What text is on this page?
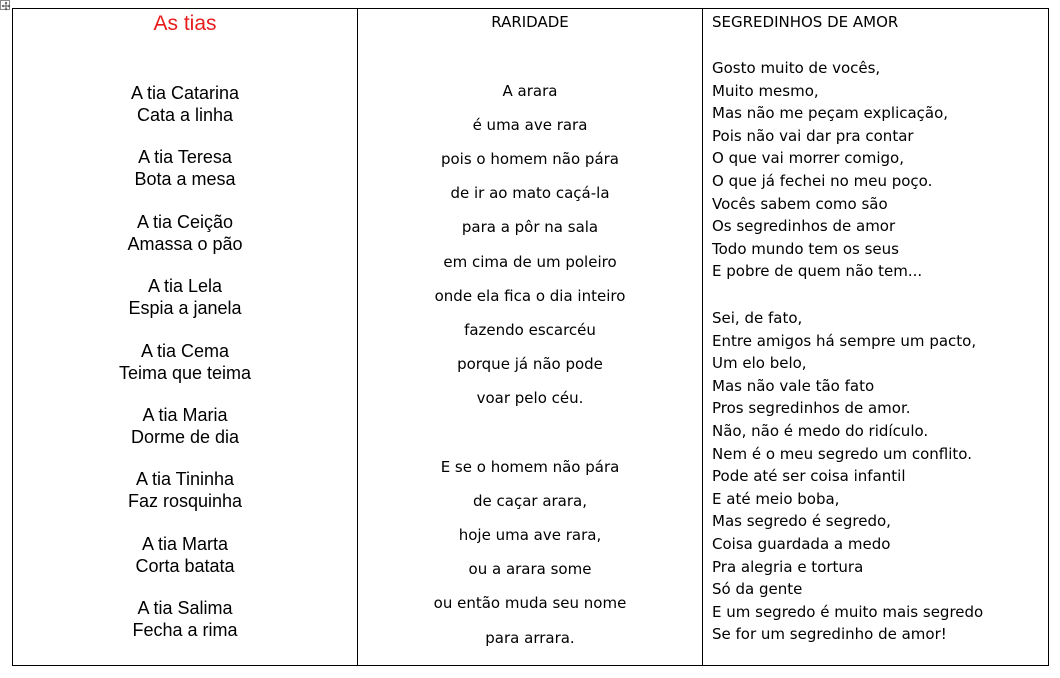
As tias
A tia Catarina
Cata a linha
A tia Teresa
Bota a mesa
A tia Ceição
Amassa o pão
A tia Lela
Espia a janela
A tia Cema
Teima que teima
A tia Maria
Dorme de dia
A tia Tininha
Faz rosquinha
A tia Marta
Corta batata
A tia Salima
Fecha a rima
RARIDADE
A arara
é uma ave rara
pois o homem não pára
de ir ao mato caçá-la
para a pôr na sala
em cima de um poleiro
onde ela fica o dia inteiro
fazendo escarcéu
porque já não pode
voar pelo céu.
E se o homem não pára
de caçar arara,
hoje uma ave rara,
ou a arara some
ou então muda seu nome
para arrara.
SEGREDINHOS DE AMOR
Gosto muito de vocês,
Muito mesmo,
Mas não me peçam explicação,
Pois não vai dar pra contar
O que vai morrer comigo,
O que já fechei no meu poço.
Vocês sabem como são
Os segredinhos de amor
Todo mundo tem os seus
E pobre de quem não tem...
Sei, de fato,
Entre amigos há sempre um pacto,
Um elo belo,
Mas não vale tão fato
Pros segredinhos de amor.
Não, não é medo do ridículo.
Nem é o meu segredo um conflito.
Pode até ser coisa infantil
E até meio boba,
Mas segredo é segredo,
Coisa guardada a medo
Pra alegria e tortura
Só da gente
E um segredo é muito mais segredo
Se for um segredinho de amor!
